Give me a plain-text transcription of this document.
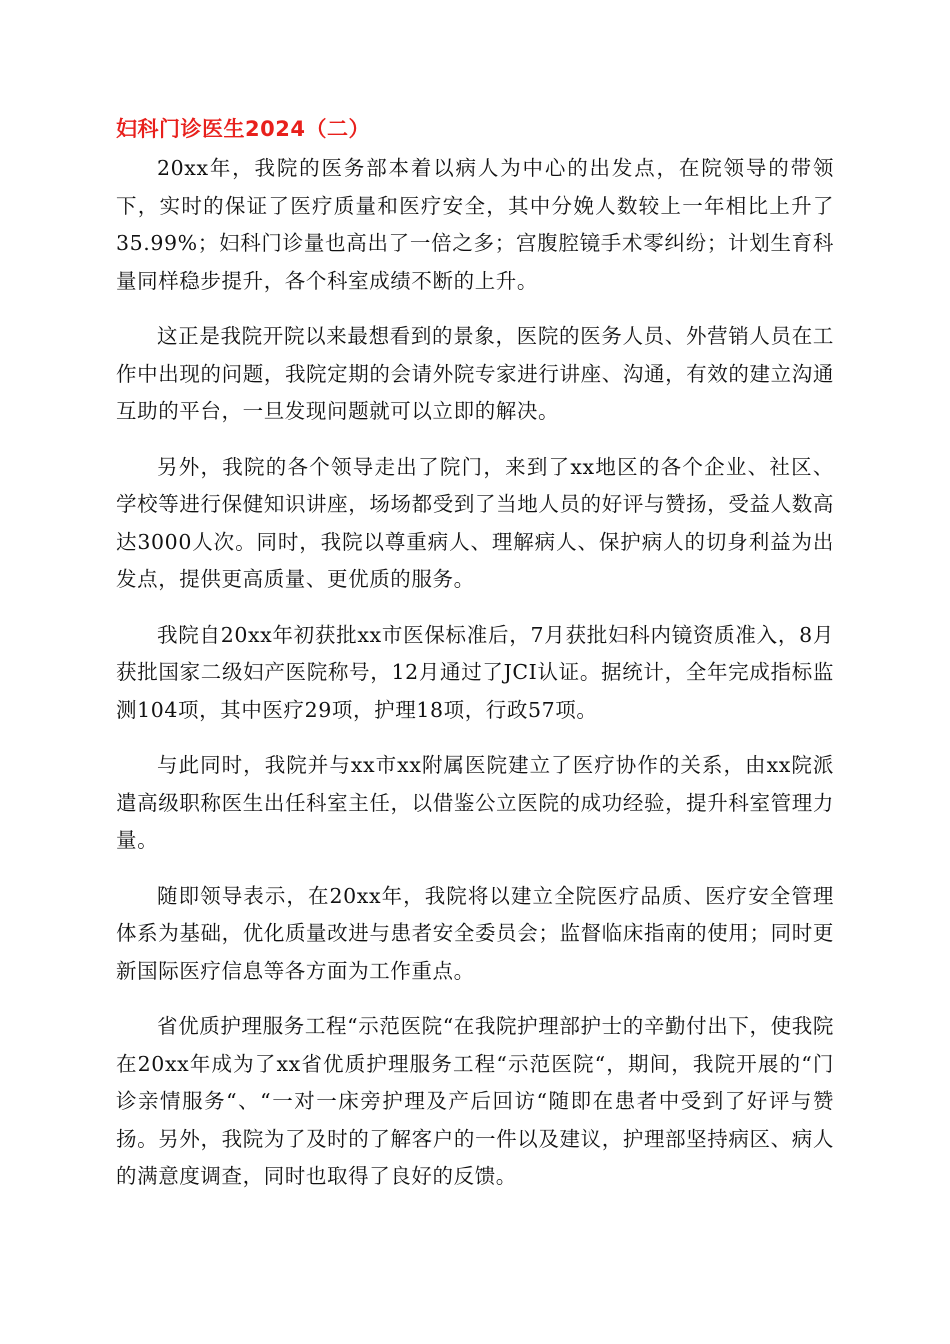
妇科门诊医生2024（二）

20xx年，我院的医务部本着以病人为中心的出发点，在院领导的带领下，实时的保证了医疗质量和医疗安全，其中分娩人数较上一年相比上升了35.99%；妇科门诊量也高出了一倍之多；宫腹腔镜手术零纠纷；计划生育科量同样稳步提升，各个科室成绩不断的上升。

这正是我院开院以来最想看到的景象，医院的医务人员、外营销人员在工作中出现的问题，我院定期的会请外院专家进行讲座、沟通，有效的建立沟通互助的平台，一旦发现问题就可以立即的解决。

另外，我院的各个领导走出了院门，来到了xx地区的各个企业、社区、学校等进行保健知识讲座，场场都受到了当地人员的好评与赞扬，受益人数高达3000人次。同时，我院以尊重病人、理解病人、保护病人的切身利益为出发点，提供更高质量、更优质的服务。

我院自20xx年初获批xx市医保标准后，7月获批妇科内镜资质准入，8月获批国家二级妇产医院称号，12月通过了JCI认证。据统计，全年完成指标监测104项，其中医疗29项，护理18项，行政57项。

与此同时，我院并与xx市xx附属医院建立了医疗协作的关系，由xx院派遣高级职称医生出任科室主任，以借鉴公立医院的成功经验，提升科室管理力量。

随即领导表示，在20xx年，我院将以建立全院医疗品质、医疗安全管理体系为基础，优化质量改进与患者安全委员会；监督临床指南的使用；同时更新国际医疗信息等各方面为工作重点。

省优质护理服务工程“示范医院“在我院护理部护士的辛勤付出下，使我院在20xx年成为了xx省优质护理服务工程“示范医院“，期间，我院开展的“门诊亲情服务“、“一对一床旁护理及产后回访“随即在患者中受到了好评与赞扬。另外，我院为了及时的了解客户的一件以及建议，护理部坚持病区、病人的满意度调查，同时也取得了良好的反馈。
